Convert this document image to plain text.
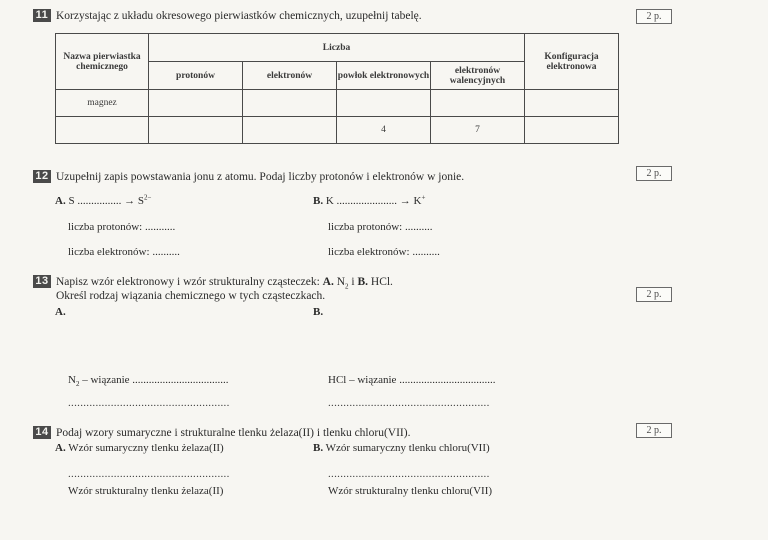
11 Korzystając z układu okresowego pierwiastków chemicznych, uzupełnij tabelę.	2 p.
Nazwa pierwiastka chemicznego	Liczba				Konfiguracja elektronowa
	protonów	elektronów	powłok elektronowych	elektronów walencyjnych	
magnez					
			4	7	
12 Uzupełnij zapis powstawania jonu z atomu. Podaj liczby protonów i elektronów w jonie.	2 p.
A. S ................ → $S^{2-}$	B. K ...................... → K+
liczba protonów: ...........	liczba protonów: ..........
liczba elektronów: ..........	liczba elektronów: ..........
13 Napisz wzór elektronowy i wzór strukturalny cząsteczek: A. $N_2$ i B. HCl.
Określ rodzaj wiązania chemicznego w tych cząsteczkach.	2 p.
A.	B.
$N_2$ – wiązanie ...................................	HCl – wiązanie ...................................
.....................................................	.....................................................
14 Podaj wzory sumaryczne i strukturalne tlenku żelaza(II) i tlenku chloru(VII).	2 p.
A. Wzór sumaryczny tlenku żelaza(II)	B. Wzór sumaryczny tlenku chloru(VII)
.....................................................	.....................................................
Wzór strukturalny tlenku żelaza(II)	Wzór strukturalny tlenku chloru(VII)
